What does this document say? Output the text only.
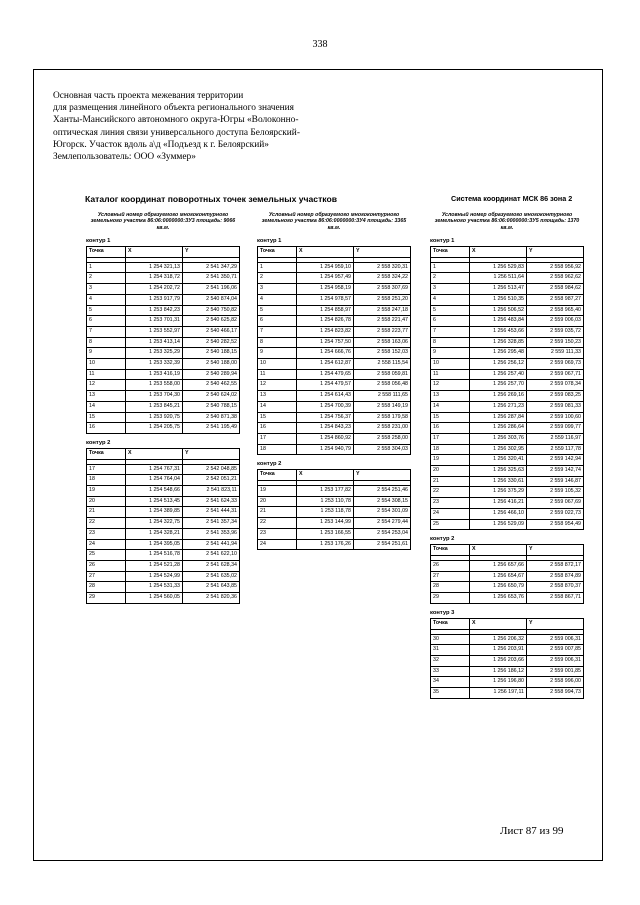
338
Основная часть проекта межевания территории
для размещения линейного объекта регионального значения
Ханты-Мансийского автономного округа-Югры «Волоконно-
оптическая линия связи универсального доступа Белоярский-
Югорск. Участок вдоль а\д «Подъезд к г. Белоярский»
Землепользователь: ООО «Зуммер»
Каталог координат поворотных точек земельных участков	Система координат МСК 86 зона 2
Условный номер образуемого многоконтурного земельного участка 86:06:0000000:ЗУ3 площадь: 9066 кв.м.
контур 1
Точка	X	Y

1	1 254 321,13	2 541 347,29
2	1 254 318,72	2 541 350,71
3	1 254 202,72	2 541 196,06
4	1 253 917,79	2 540 874,04
5	1 253 842,23	2 540 750,82
6	1 253 701,31	2 540 625,82
7	1 253 552,97	2 540 466,17
8	1 253 413,14	2 540 282,52
9	1 253 325,29	2 540 188,15
10	1 253 332,39	2 540 188,00
11	1 253 416,19	2 540 289,94
12	1 253 558,00	2 540 462,55
13	1 253 704,30	2 540 624,02
14	1 253 845,21	2 540 788,15
15	1 253 920,75	2 540 871,38
16	1 254 205,75	2 541 195,49
контур 2
Точка	X	Y

17	1 254 767,31	2 542 048,85
18	1 254 764,04	2 542 051,21
19	1 254 548,66	2 541 823,11
20	1 254 513,45	2 541 624,33
21	1 254 389,85	2 541 444,31
22	1 254 322,75	2 541 357,34
23	1 254 328,21	2 541 353,96
24	1 254 395,05	2 541 441,94
25	1 254 516,78	2 541 622,10
26	1 254 521,28	2 541 628,34
27	1 254 524,99	2 541 635,02
28	1 254 531,33	2 541 643,85
29	1 254 560,05	2 541 820,36
Условный номер образуемого многоконтурного земельного участка 86:06:0000000:ЗУ4 площадь: 3365 кв.м.
контур 1
Точка	X	Y

1	1 254 959,10	2 558 320,31
2	1 254 957,49	2 558 324,22
3	1 254 958,19	2 558 307,69
4	1 254 978,57	2 558 251,20
5	1 254 858,97	2 558 247,18
6	1 254 826,78	2 558 221,47
7	1 254 823,82	2 558 223,77
8	1 254 757,50	2 558 163,06
9	1 254 666,76	2 558 152,03
10	1 254 612,87	2 558 115,54
11	1 254 479,65	2 558 059,81
12	1 254 479,57	2 558 056,48
13	1 254 614,43	2 558 111,65
14	1 254 700,39	2 558 149,19
15	1 254 756,37	2 558 179,58
16	1 254 843,23	2 558 231,00
17	1 254 860,92	2 558 258,00
18	1 254 940,79	2 558 304,03
контур 2
Точка	X	Y

19	1 253 177,82	2 554 251,46
20	1 253 110,78	2 554 308,15
21	1 253 118,78	2 554 301,09
22	1 253 144,99	2 554 279,44
23	1 253 166,55	2 554 253,04
24	1 253 176,26	2 554 251,61
Условный номер образуемого многоконтурного земельного участка 86:06:0000000:ЗУ5 площадь: 1370 кв.м.
контур 1
Точка	X	Y

1	1 256 529,83	2 558 956,92
2	1 256 511,64	2 558 962,62
3	1 256 513,47	2 558 984,62
4	1 256 510,35	2 558 987,27
5	1 256 506,52	2 558 965,40
6	1 256 483,84	2 559 006,03
7	1 256 453,66	2 559 035,72
8	1 256 328,85	2 559 150,23
9	1 256 295,48	2 559 111,33
10	1 256 256,12	2 559 069,73
11	1 256 257,40	2 559 067,71
12	1 256 257,70	2 559 078,34
13	1 256 269,16	2 559 083,25
14	1 256 271,23	2 559 081,33
15	1 256 287,84	2 559 100,60
16	1 256 286,64	2 559 099,77
17	1 256 303,76	2 559 116,97
18	1 256 302,95	2 559 117,78
19	1 256 320,41	2 559 142,94
20	1 256 325,63	2 559 142,74
21	1 256 330,61	2 559 146,87
22	1 256 375,29	2 559 105,32
23	1 256 416,21	2 559 067,69
24	1 256 466,10	2 559 022,73
25	1 256 529,09	2 558 954,49
контур 2
Точка	X	Y

26	1 256 657,66	2 558 872,17
27	1 256 654,67	2 558 874,89
28	1 256 650,79	2 558 870,37
29	1 256 653,76	2 558 867,71
контур 3
Точка	X	Y

30	1 256 206,32	2 559 006,31
31	1 256 203,91	2 559 007,85
32	1 256 203,66	2 559 006,31
33	1 256 186,12	2 559 001,85
34	1 256 196,80	2 558 996,00
35	1 256 197,11	2 558 994,73
Лист 87 из 99
